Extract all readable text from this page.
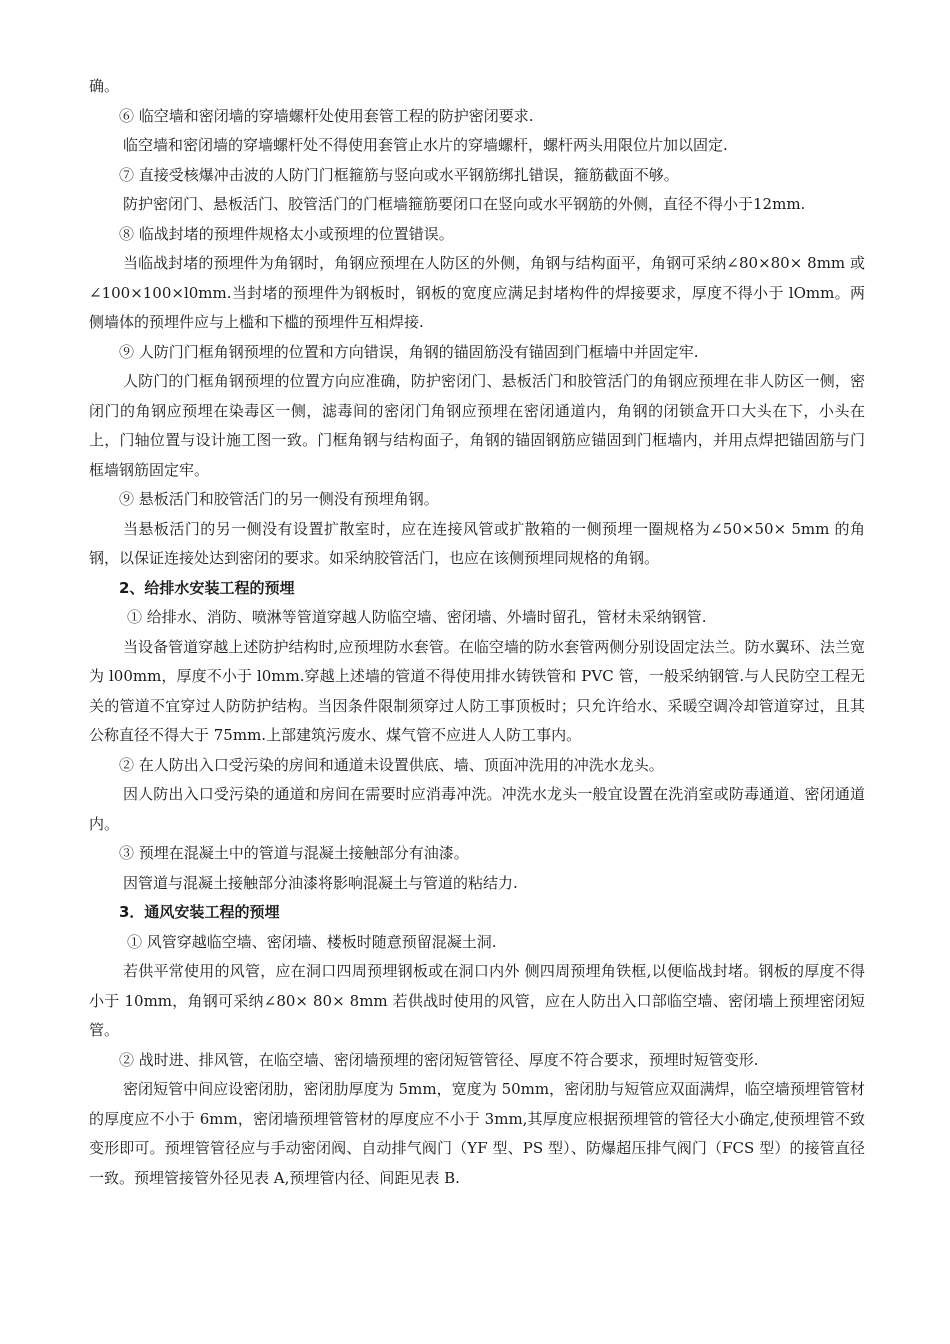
确。

⑥ 临空墙和密闭墙的穿墙螺杆处使用套管工程的防护密闭要求.

临空墙和密闭墙的穿墙螺杆处不得使用套管止水片的穿墙螺杆，螺杆两头用限位片加以固定.

⑦ 直接受核爆冲击波的人防门门框箍筋与竖向或水平钢筋绑扎错误，箍筋截面不够。

防护密闭门、悬板活门、胶管活门的门框墙箍筋要闭口在竖向或水平钢筋的外侧，直径不得小于12mm.

⑧ 临战封堵的预埋件规格太小或预埋的位置错误。

当临战封堵的预埋件为角钢时，角钢应预埋在人防区的外侧，角钢与结构面平，角钢可采纳∠80×80× 8mm 或∠100×100×l0mm.当封堵的预埋件为钢板时，钢板的宽度应满足封堵构件的焊接要求，厚度不得小于 lOmm。两侧墙体的预埋件应与上槛和下槛的预埋件互相焊接.

⑨ 人防门门框角钢预埋的位置和方向错误，角钢的锚固筋没有锚固到门框墙中并固定牢.

人防门的门框角钢预埋的位置方向应准确，防护密闭门、悬板活门和胶管活门的角钢应预埋在非人防区一侧，密闭门的角钢应预埋在染毒区一侧，滤毒间的密闭门角钢应预埋在密闭通道内，角钢的闭锁盒开口大头在下，小头在上，门轴位置与设计施工图一致。门框角钢与结构面子，角钢的锚固钢筋应锚固到门框墙内，并用点焊把锚固筋与门框墙钢筋固定牢。

⑨ 悬板活门和胶管活门的另一侧没有预埋角钢。

当悬板活门的另一侧没有设置扩散室时，应在连接风管或扩散箱的一侧预埋一圈规格为∠50×50× 5mm 的角钢，以保证连接处达到密闭的要求。如采纳胶管活门，也应在该侧预埋同规格的角钢。

2、给排水安装工程的预埋

① 给排水、消防、喷淋等管道穿越人防临空墙、密闭墙、外墙时留孔，管材未采纳钢管.

当设备管道穿越上述防护结构时,应预埋防水套管。在临空墙的防水套管两侧分别设固定法兰。防水翼环、法兰宽为 l00mm，厚度不小于 l0mm.穿越上述墙的管道不得使用排水铸铁管和 PVC 管，一般采纳钢管.与人民防空工程无关的管道不宜穿过人防防护结构。当因条件限制须穿过人防工事顶板时；只允许给水、采暖空调冷却管道穿过，且其公称直径不得大于 75mm.上部建筑污废水、煤气管不应进人人防工事内。

② 在人防出入口受污染的房间和通道未设置供底、墙、顶面冲洗用的冲洗水龙头。

因人防出入口受污染的通道和房间在需要时应消毒冲洗。冲洗水龙头一般宜设置在洗消室或防毒通道、密闭通道内。

③ 预埋在混凝土中的管道与混凝土接触部分有油漆。

因管道与混凝土接触部分油漆将影响混凝土与管道的粘结力.

3．通风安装工程的预埋

① 风管穿越临空墙、密闭墙、楼板时随意预留混凝土洞.

若供平常使用的风管，应在洞口四周预埋钢板或在洞口内外 侧四周预埋角铁框,以便临战封堵。钢板的厚度不得小于 10mm，角钢可采纳∠80× 80× 8mm 若供战时使用的风管，应在人防出入口部临空墙、密闭墙上预埋密闭短管。

② 战时进、排风管，在临空墙、密闭墙预埋的密闭短管管径、厚度不符合要求，预埋时短管变形.

密闭短管中间应设密闭肋，密闭肋厚度为 5mm，宽度为 50mm，密闭肋与短管应双面满焊，临空墙预埋管管材的厚度应不小于 6mm，密闭墙预埋管管材的厚度应不小于 3mm,其厚度应根据预埋管的管径大小确定,使预埋管不致变形即可。预埋管管径应与手动密闭阀、自动排气阀门（YF 型、PS 型）、防爆超压排气阀门（FCS 型）的接管直径一致。预埋管接管外径见表 A,预埋管内径、间距见表 B.
